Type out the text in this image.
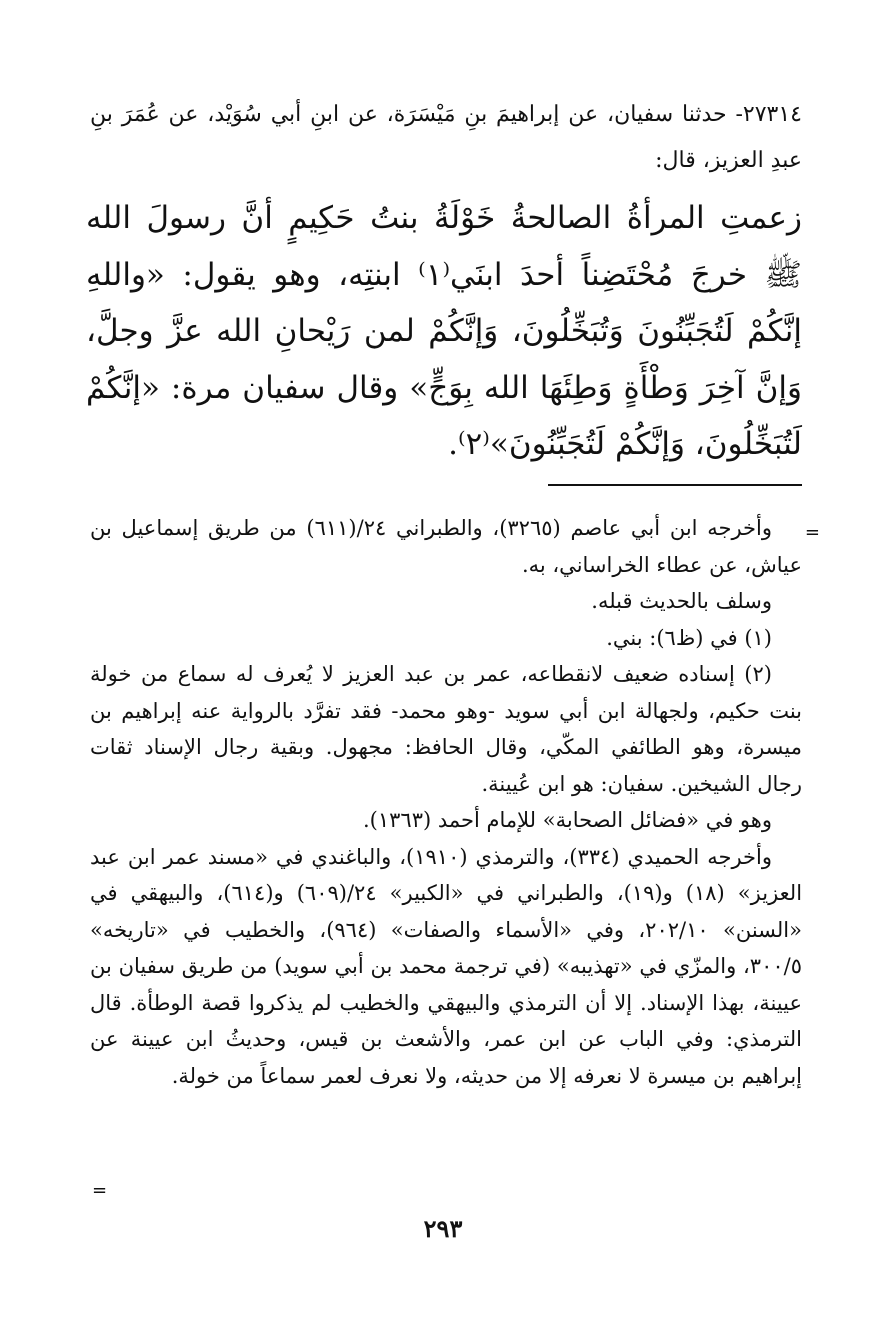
٢٧٣١٤- حدثنا سفيان، عن إبراهيمَ بنِ مَيْسَرَة، عن ابنِ أبي سُوَيْد، عن عُمَرَ بنِ عبدِ العزيز، قال:
زعمتِ المرأةُ الصالحةُ خَوْلَةُ بنتُ حَكِيمٍ أنَّ رسولَ الله ﷺ خرجَ مُحْتَضِناً أحدَ ابنَي⁽١⁾ ابنتِه، وهو يقول: «واللهِ إنَّكُمْ لَتُجَبِّنُونَ وَتُبَخِّلُونَ، وَإنَّكُمْ لمن رَيْحانِ الله عزَّ وجلَّ، وَإنَّ آخِرَ وَطْأَةٍ وَطِئَهَا الله بِوَجٍّ» وقال سفيان مرة: «إنَّكُمْ لَتُبَخِّلُونَ، وَإنَّكُمْ لَتُجَبِّنُونَ»⁽٢⁾.
وأخرجه ابن أبي عاصم (٣٢٦٥)، والطبراني ٢٤/(٦١١) من طريق إسماعيل بن عياش، عن عطاء الخراساني، به.
وسلف بالحديث قبله.
(١) في (ظ٦): بني.
(٢) إسناده ضعيف لانقطاعه، عمر بن عبد العزيز لا يُعرف له سماع من خولة بنت حكيم، ولجهالة ابن أبي سويد -وهو محمد- فقد تفرَّد بالرواية عنه إبراهيم بن ميسرة، وهو الطائفي المكّي، وقال الحافظ: مجهول. وبقية رجال الإسناد ثقات رجال الشيخين. سفيان: هو ابن عُيينة.
وهو في «فضائل الصحابة» للإمام أحمد (١٣٦٣).
وأخرجه الحميدي (٣٣٤)، والترمذي (١٩١٠)، والباغندي في «مسند عمر ابن عبد العزيز» (١٨) و(١٩)، والطبراني في «الكبير» ٢٤/(٦٠٩) و(٦١٤)، والبيهقي في «السنن» ٢٠٢/١٠، وفي «الأسماء والصفات» (٩٦٤)، والخطيب في «تاريخه» ٣٠٠/٥، والمزّي في «تهذيبه» (في ترجمة محمد بن أبي سويد) من طريق سفيان بن عيينة، بهذا الإسناد. إلا أن الترمذي والبيهقي والخطيب لم يذكروا قصة الوطأة. قال الترمذي: وفي الباب عن ابن عمر، والأشعث بن قيس، وحديثُ ابن عيينة عن إبراهيم بن ميسرة لا نعرفه إلا من حديثه، ولا نعرف لعمر سماعاً من خولة.
=
=
٢٩٣
